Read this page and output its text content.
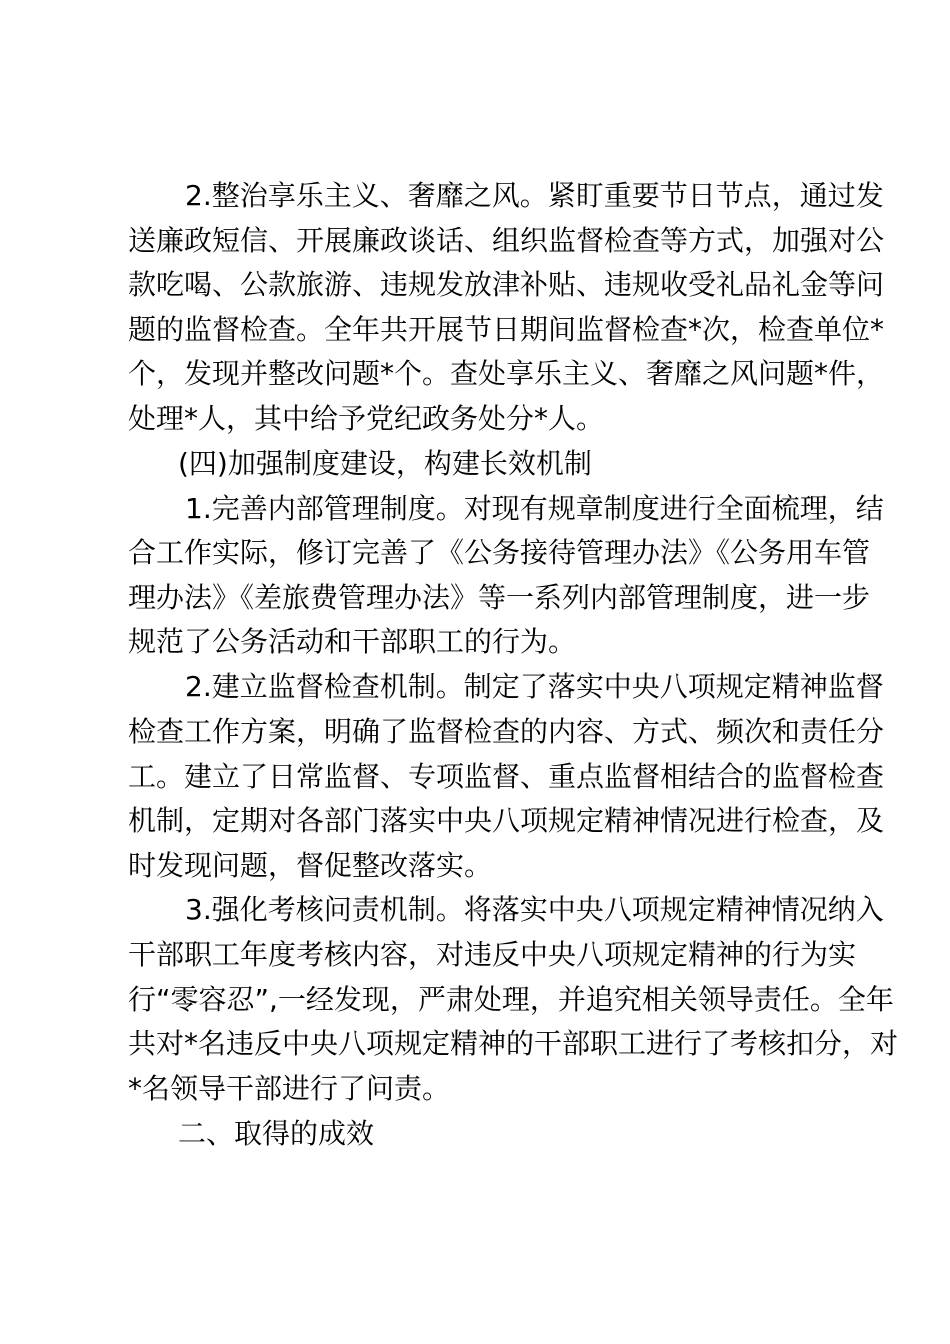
2.整治享乐主义、奢靡之风。紧盯重要节日节点，通过发

送廉政短信、开展廉政谈话、组织监督检查等方式，加强对公

款吃喝、公款旅游、违规发放津补贴、违规收受礼品礼金等问

题的监督检查。全年共开展节日期间监督检查*次，检查单位*

个，发现并整改问题*个。查处享乐主义、奢靡之风问题*件，

处理*人，其中给予党纪政务处分*人。

(四)加强制度建设，构建长效机制

1.完善内部管理制度。对现有规章制度进行全面梳理，结

合工作实际，修订完善了《公务接待管理办法》《公务用车管

理办法》《差旅费管理办法》等一系列内部管理制度，进一步

规范了公务活动和干部职工的行为。

2.建立监督检查机制。制定了落实中央八项规定精神监督

检查工作方案，明确了监督检查的内容、方式、频次和责任分

工。建立了日常监督、专项监督、重点监督相结合的监督检查

机制，定期对各部门落实中央八项规定精神情况进行检查，及

时发现问题，督促整改落实。

3.强化考核问责机制。将落实中央八项规定精神情况纳入

干部职工年度考核内容，对违反中央八项规定精神的行为实

行“零容忍”,一经发现，严肃处理，并追究相关领导责任。全年

共对*名违反中央八项规定精神的干部职工进行了考核扣分，对

*名领导干部进行了问责。

二、取得的成效
